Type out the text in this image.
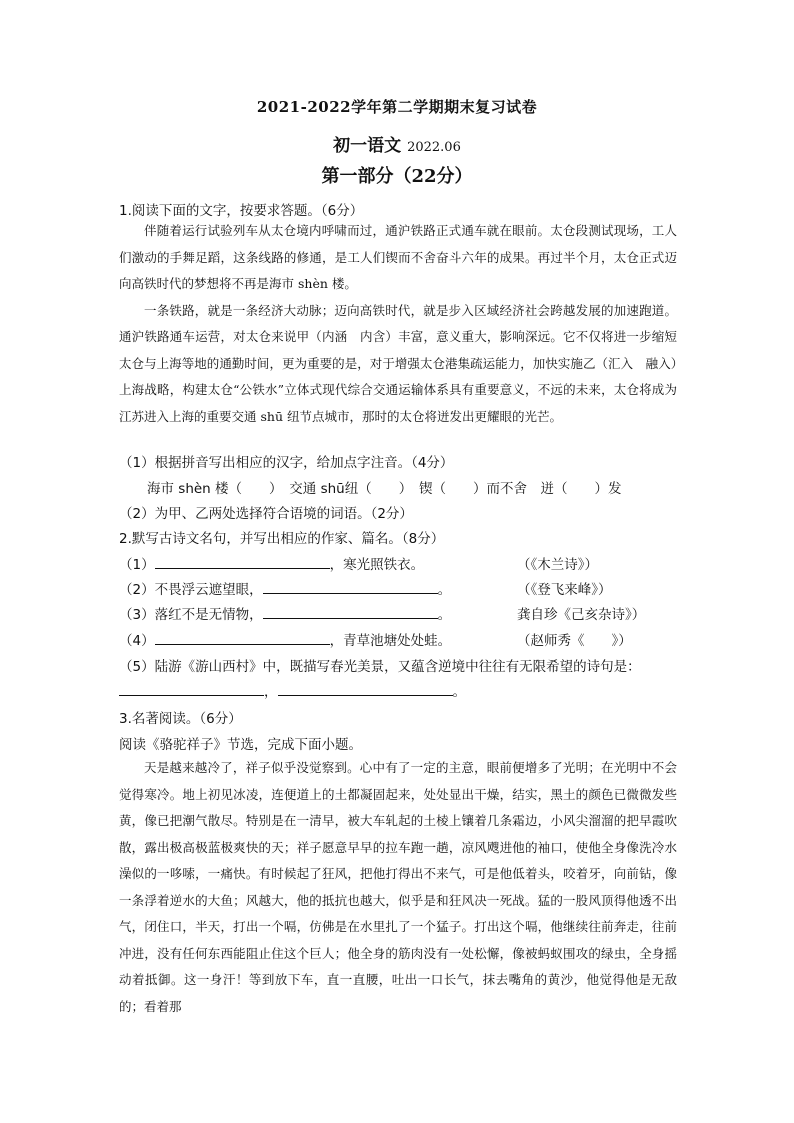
2021-2022学年第二学期期末复习试卷
初一语文 2022.06
第一部分（22分）
1.阅读下面的文字，按要求答题。（6分）

伴随着运行试验列车从太仓境内呼啸而过，通沪铁路正式通车就在眼前。太仓段测试现场，工人们激动的手舞足蹈，这条线路的修通，是工人们锲而不舍奋斗六年的成果。再过半个月，太仓正式迈向高铁时代的梦想将不再是海市 shèn 楼。

一条铁路，就是一条经济大动脉；迈向高铁时代，就是步入区域经济社会跨越发展的加速跑道。通沪铁路通车运营，对太仓来说甲（内涵　内含）丰富，意义重大，影响深远。它不仅将进一步缩短太仓与上海等地的通勤时间，更为重要的是，对于增强太仓港集疏运能力，加快实施乙（汇入　融入）上海战略，构建太仓“公铁水”立体式现代综合交通运输体系具有重要意义，不远的未来，太仓将成为江苏进入上海的重要交通 shū 纽节点城市，那时的太仓将迸发出更耀眼的光芒。

（1）根据拼音写出相应的汉字，给加点字注音。（4分）
海市 shèn 楼（　　）　交通 shū纽（　　）　锲（　　）而不舍　迸（　　）发
（2）为甲、乙两处选择符合语境的词语。（2分）
2.默写古诗文名句，并写出相应的作家、篇名。（8分）
（1）	，寒光照铁衣。	（《木兰诗》）
（2）不畏浮云遮望眼，	。	（《登飞来峰》）
（3）落红不是无情物，	。	龚自珍《己亥杂诗》）
（4）	，青草池塘处处蛙。	（赵师秀《　　》）
（5）陆游《游山西村》中，既描写春光美景，又蕴含逆境中往往有无限希望的诗句是：
，	。
3.名著阅读。（6分）
阅读《骆驼祥子》节选，完成下面小题。

天是越来越冷了，祥子似乎没觉察到。心中有了一定的主意，眼前便增多了光明；在光明中不会觉得寒冷。地上初见冰凌，连便道上的土都凝固起来，处处显出干燥，结实，黑土的颜色已微微发些黄，像已把潮气散尽。特别是在一清早，被大车轧起的土棱上镶着几条霜边，小风尖溜溜的把早霞吹散，露出极高极蓝极爽快的天；祥子愿意早早的拉车跑一趟，凉风飕进他的袖口，使他全身像洗冷水澡似的一哆嗦，一痛快。有时候起了狂风，把他打得出不来气，可是他低着头，咬着牙，向前钻，像一条浮着逆水的大鱼；风越大，他的抵抗也越大，似乎是和狂风决一死战。猛的一股风顶得他透不出气，闭住口，半天，打出一个嗝，仿佛是在水里扎了一个猛子。打出这个嗝，他继续往前奔走，往前冲进，没有任何东西能阻止住这个巨人；他全身的筋肉没有一处松懈，像被蚂蚁围攻的绿虫，全身摇动着抵御。这一身汗！等到放下车，直一直腰，吐出一口长气，抹去嘴角的黄沙，他觉得他是无敌的；看着那
